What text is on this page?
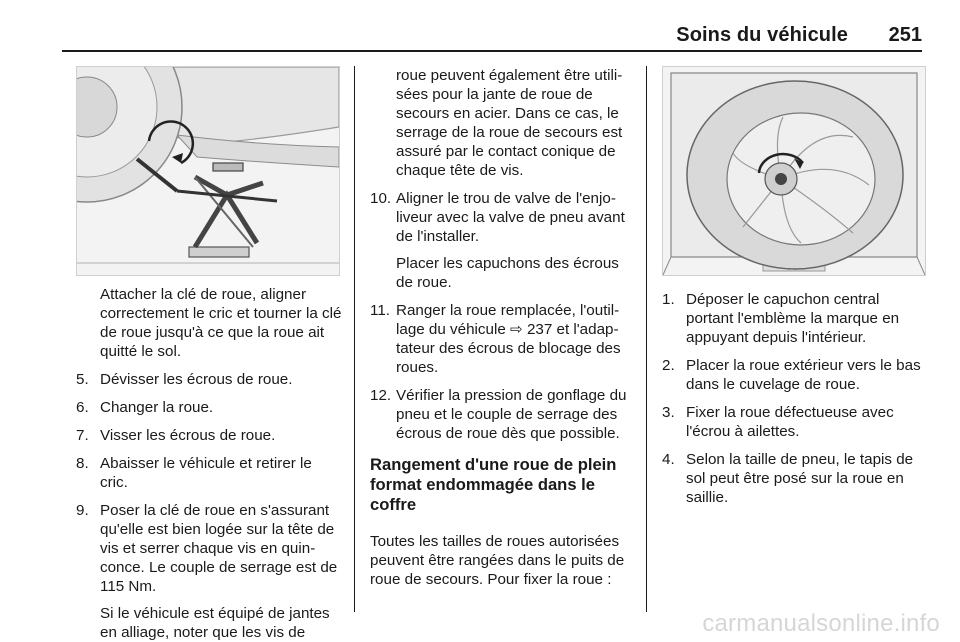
Soins du véhicule 251

Attacher la clé de roue, aligner correctement le cric et tourner la clé de roue jusqu'à ce que la roue ait quitté le sol.

5. Dévisser les écrous de roue.
6. Changer la roue.
7. Visser les écrous de roue.
8. Abaisser le véhicule et retirer le cric.
9. Poser la clé de roue en s'assurant qu'elle est bien logée sur la tête de vis et serrer chaque vis en quin‑ conce. Le couple de serrage est de 115 Nm.

Si le véhicule est équipé de jantes en alliage, noter que les vis de

roue peuvent également être utili‑ sées pour la jante de roue de secours en acier. Dans ce cas, le serrage de la roue de secours est assuré par le contact conique de chaque tête de vis.

10. Aligner le trou de valve de l'enjo‑ liveur avec la valve de pneu avant de l'installer.

Placer les capuchons des écrous de roue.

11. Ranger la roue remplacée, l'outil‑ lage du véhicule ⇨ 237 et l'adap‑ tateur des écrous de blocage des roues.
12. Vérifier la pression de gonflage du pneu et le couple de serrage des écrous de roue dès que possible.
Rangement d'une roue de plein format endommagée dans le coffre

Toutes les tailles de roues autorisées peuvent être rangées dans le puits de roue de secours. Pour fixer la roue :

1. Déposer le capuchon central portant l'emblème la marque en appuyant depuis l'intérieur.
2. Placer la roue extérieur vers le bas dans le cuvelage de roue.
3. Fixer la roue défectueuse avec l'écrou à ailettes.
4. Selon la taille de pneu, le tapis de sol peut être posé sur la roue en saillie.
carmanualsonline.info
